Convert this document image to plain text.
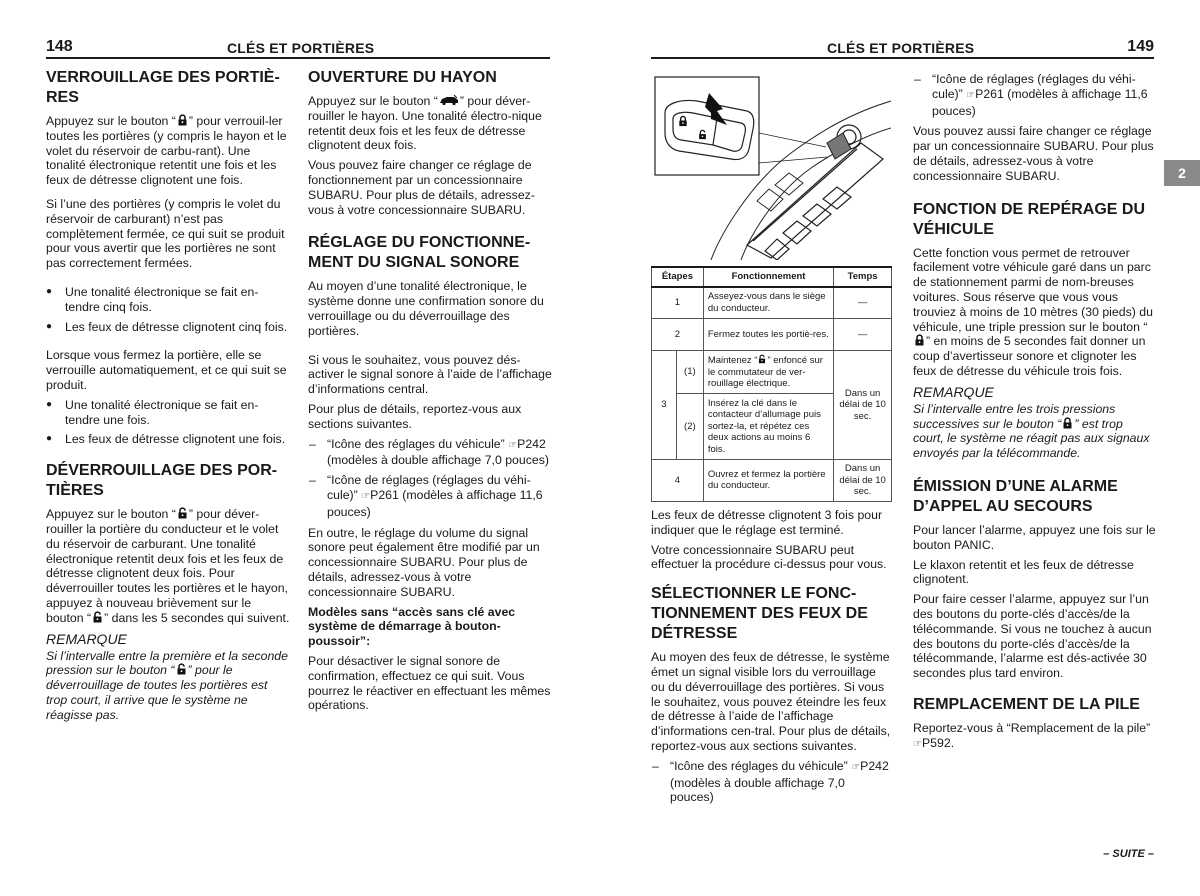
148	CLÉS ET PORTIÈRES	CLÉS ET PORTIÈRES	149
2
VERROUILLAGE DES PORTIÈ-RES

Appuyez sur le bouton “ ” pour verrouil-ler toutes les portières (y compris le hayon et le volet du réservoir de carbu-rant). Une tonalité électronique retentit une fois et les feux de détresse clignotent une fois.

Si l’une des portières (y compris le volet du réservoir de carburant) n’est pas complètement fermée, ce qui suit se produit pour vous avertir que les portières ne sont pas correctement fermées.

● Une tonalité électronique se fait en-tendre cinq fois.
● Les feux de détresse clignotent cinq fois.

Lorsque vous fermez la portière, elle se verrouille automatiquement, et ce qui suit se produit.

● Une tonalité électronique se fait en-tendre une fois.
● Les feux de détresse clignotent une fois.
DÉVERROUILLAGE DES POR-TIÈRES

Appuyez sur le bouton “ ” pour déver-rouiller la portière du conducteur et le volet du réservoir de carburant. Une tonalité électronique retentit deux fois et les feux de détresse clignotent deux fois. Pour déverrouiller toutes les portières et le hayon, appuyez à nouveau brièvement sur le bouton “ ” dans les 5 secondes qui suivent.

REMARQUE
Si l’intervalle entre la première et la seconde pression sur le bouton “ ” pour le déverrouillage de toutes les portières est trop court, il arrive que le système ne réagisse pas.
OUVERTURE DU HAYON

Appuyez sur le bouton “ ” pour déver-rouiller le hayon. Une tonalité électro-nique retentit deux fois et les feux de détresse clignotent deux fois.

Vous pouvez faire changer ce réglage de fonctionnement par un concessionnaire SUBARU. Pour plus de détails, adressez-vous à votre concessionnaire SUBARU.

RÉGLAGE DU FONCTIONNE-MENT DU SIGNAL SONORE

Au moyen d’une tonalité électronique, le système donne une confirmation sonore du verrouillage ou du déverrouillage des portières.

Si vous le souhaitez, vous pouvez dés-activer le signal sonore à l’aide de l’affichage d’informations central.

Pour plus de détails, reportez-vous aux sections suivantes.

– “Icône des réglages du véhicule” ☞P242 (modèles à double affichage 7,0 pouces)
– “Icône de réglages (réglages du véhi-cule)” ☞P261 (modèles à affichage 11,6 pouces)

En outre, le réglage du volume du signal sonore peut également être modifié par un concessionnaire SUBARU. Pour plus de détails, adressez-vous à votre concessionnaire SUBARU.

Modèles sans “accès sans clé avec système de démarrage à bouton-poussoir”:

Pour désactiver le signal sonore de confirmation, effectuez ce qui suit. Vous pourrez le réactiver en effectuant les mêmes opérations.

Étapes		Fonctionnement	Temps
1		Asseyez-vous dans le siège du conducteur.	—
2		Fermez toutes les portiè-res.	—
3	(1)	Maintenez “ ” enfoncé sur le commutateur de ver-rouillage électrique.	Dans un délai de 10 sec.
	(2)	Insérez la clé dans le contacteur d’allumage puis sortez-la, et répétez ces deux actions au moins 6 fois.	
4		Ouvrez et fermez la portière du conducteur.	Dans un délai de 10 sec.

Les feux de détresse clignotent 3 fois pour indiquer que le réglage est terminé.

Votre concessionnaire SUBARU peut effectuer la procédure ci-dessus pour vous.

SÉLECTIONNER LE FONC-TIONNEMENT DES FEUX DE DÉTRESSE

Au moyen des feux de détresse, le système émet un signal visible lors du verrouillage ou du déverrouillage des portières. Si vous le souhaitez, vous pouvez éteindre les feux de détresse à l’aide de l’affichage d’informations cen-tral. Pour plus de détails, reportez-vous aux sections suivantes.

– “Icône des réglages du véhicule” ☞P242 (modèles à double affichage 7,0 pouces)
– “Icône de réglages (réglages du véhi-cule)” ☞P261 (modèles à affichage 11,6 pouces)

Vous pouvez aussi faire changer ce réglage par un concessionnaire SUBARU. Pour plus de détails, adressez-vous à votre concessionnaire SUBARU.

FONCTION DE REPÉRAGE DU VÉHICULE

Cette fonction vous permet de retrouver facilement votre véhicule garé dans un parc de stationnement parmi de nom-breuses voitures. Sous réserve que vous vous trouviez à moins de 10 mètres (30 pieds) du véhicule, une triple pression sur le bouton “” en moins de 5 secondes fait donner un coup d’avertisseur sonore et clignoter les feux de détresse du véhicule trois fois.

REMARQUE
Si l’intervalle entre les trois pressions successives sur le bouton “ ” est trop court, le système ne réagit pas aux signaux envoyés par la télécommande.
ÉMISSION D’UNE ALARME D’APPEL AU SECOURS

Pour lancer l’alarme, appuyez une fois sur le bouton PANIC.

Le klaxon retentit et les feux de détresse clignotent.

Pour faire cesser l’alarme, appuyez sur l’un des boutons du porte-clés d’accès/de la télécommande. Si vous ne touchez à aucun des boutons du porte-clés d’accès/de la télécommande, l’alarme est dés-activée 30 secondes plus tard environ.

REMPLACEMENT DE LA PILE

Reportez-vous à “Remplacement de la pile” ☞P592.

– SUITE –
